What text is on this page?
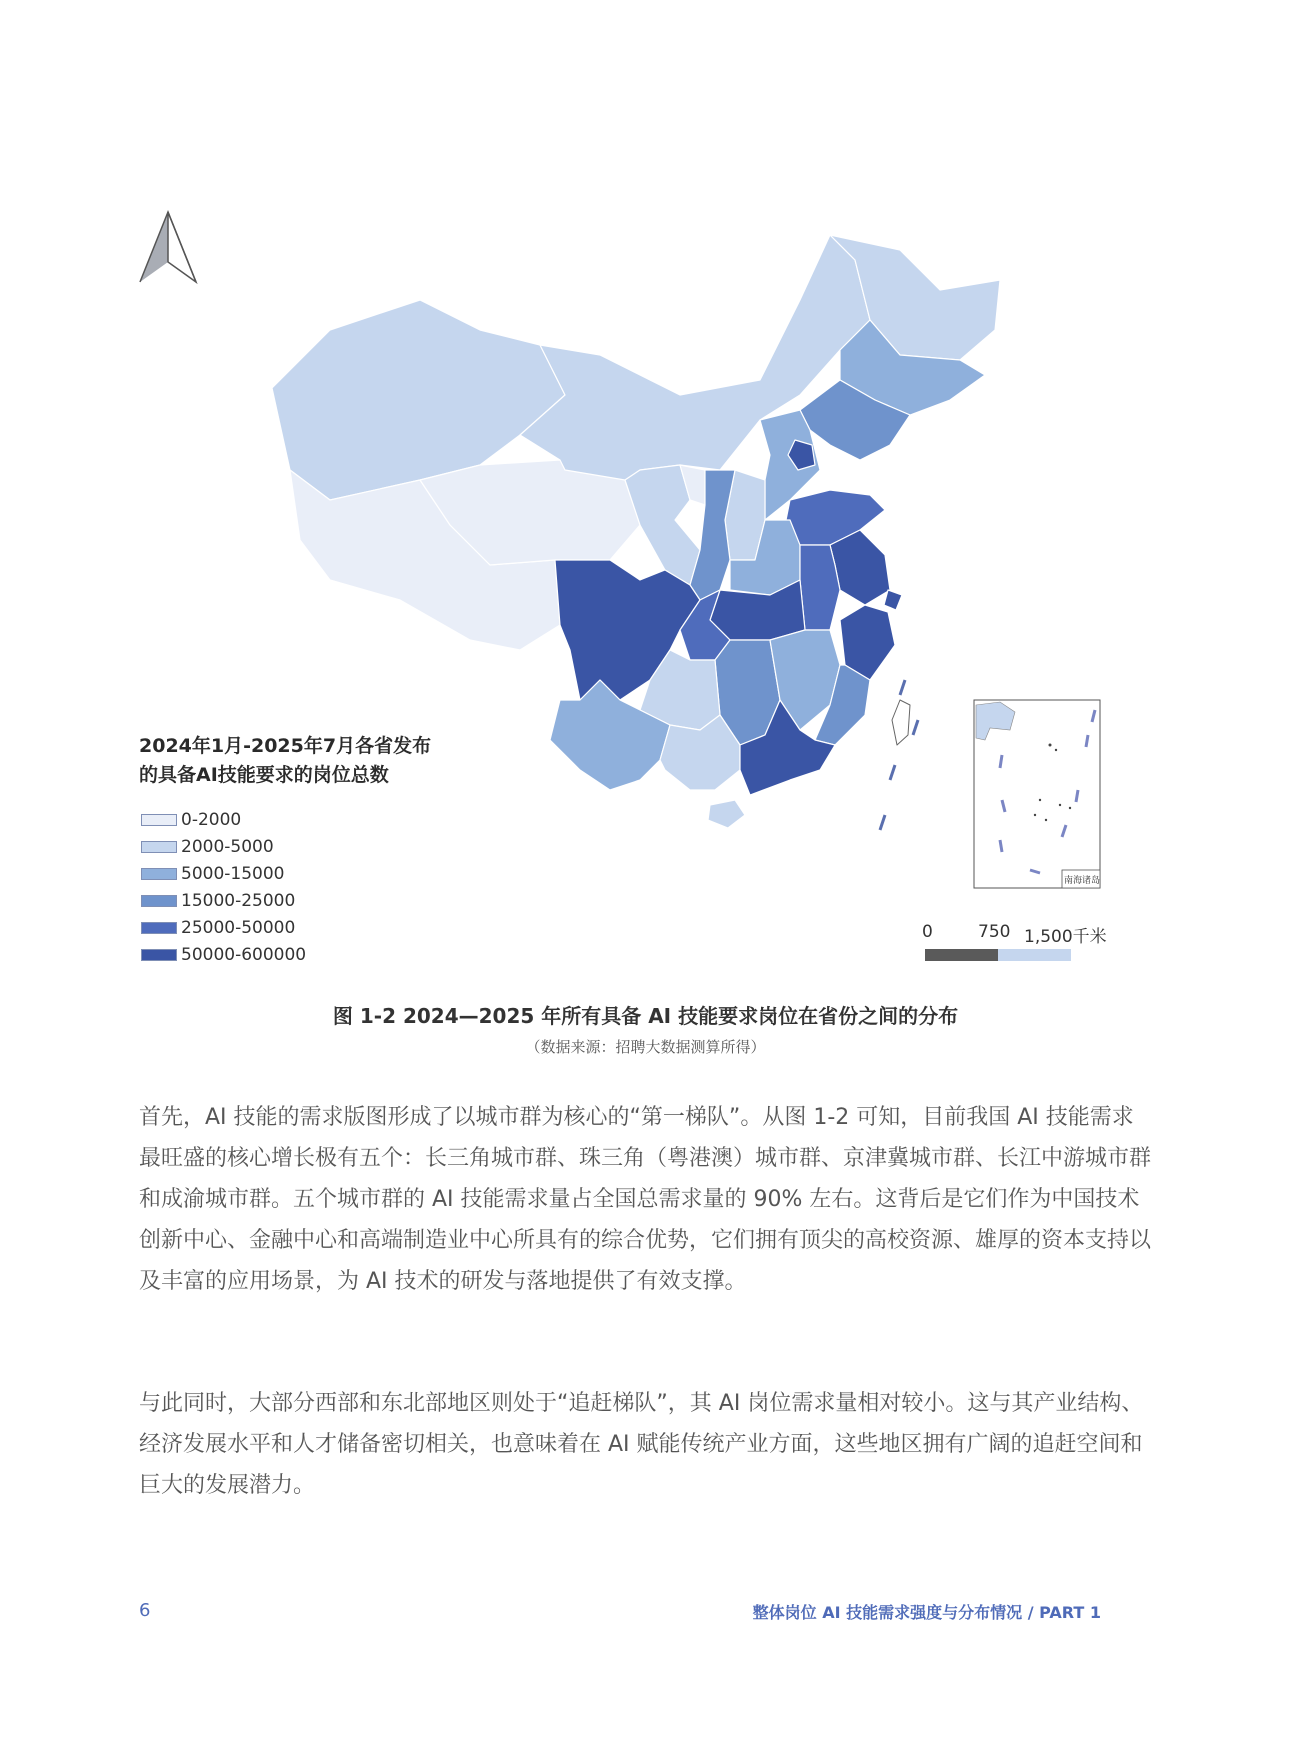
南海诸岛
2024年1月-2025年7月各省发布
的具备AI技能要求的岗位总数
0-2000
2000-5000
5000-15000
15000-25000
25000-50000
50000-600000
0	750 1,500千米
图 1-2 2024—2025 年所有具备 AI 技能要求岗位在省份之间的分布
（数据来源：招聘大数据测算所得）

首先，AI 技能的需求版图形成了以城市群为核心的“第一梯队”。从图 1-2 可知，目前我国 AI 技能需求最旺盛的核心增长极有五个：长三角城市群、珠三角（粤港澳）城市群、京津冀城市群、长江中游城市群和成渝城市群。五个城市群的 AI 技能需求量占全国总需求量的 90% 左右。这背后是它们作为中国技术创新中心、金融中心和高端制造业中心所具有的综合优势，它们拥有顶尖的高校资源、雄厚的资本支持以及丰富的应用场景，为 AI 技术的研发与落地提供了有效支撑。

与此同时，大部分西部和东北部地区则处于“追赶梯队”，其 AI 岗位需求量相对较小。这与其产业结构、经济发展水平和人才储备密切相关，也意味着在 AI 赋能传统产业方面，这些地区拥有广阔的追赶空间和巨大的发展潜力。

6	整体岗位 AI 技能需求强度与分布情况 / PART 1
